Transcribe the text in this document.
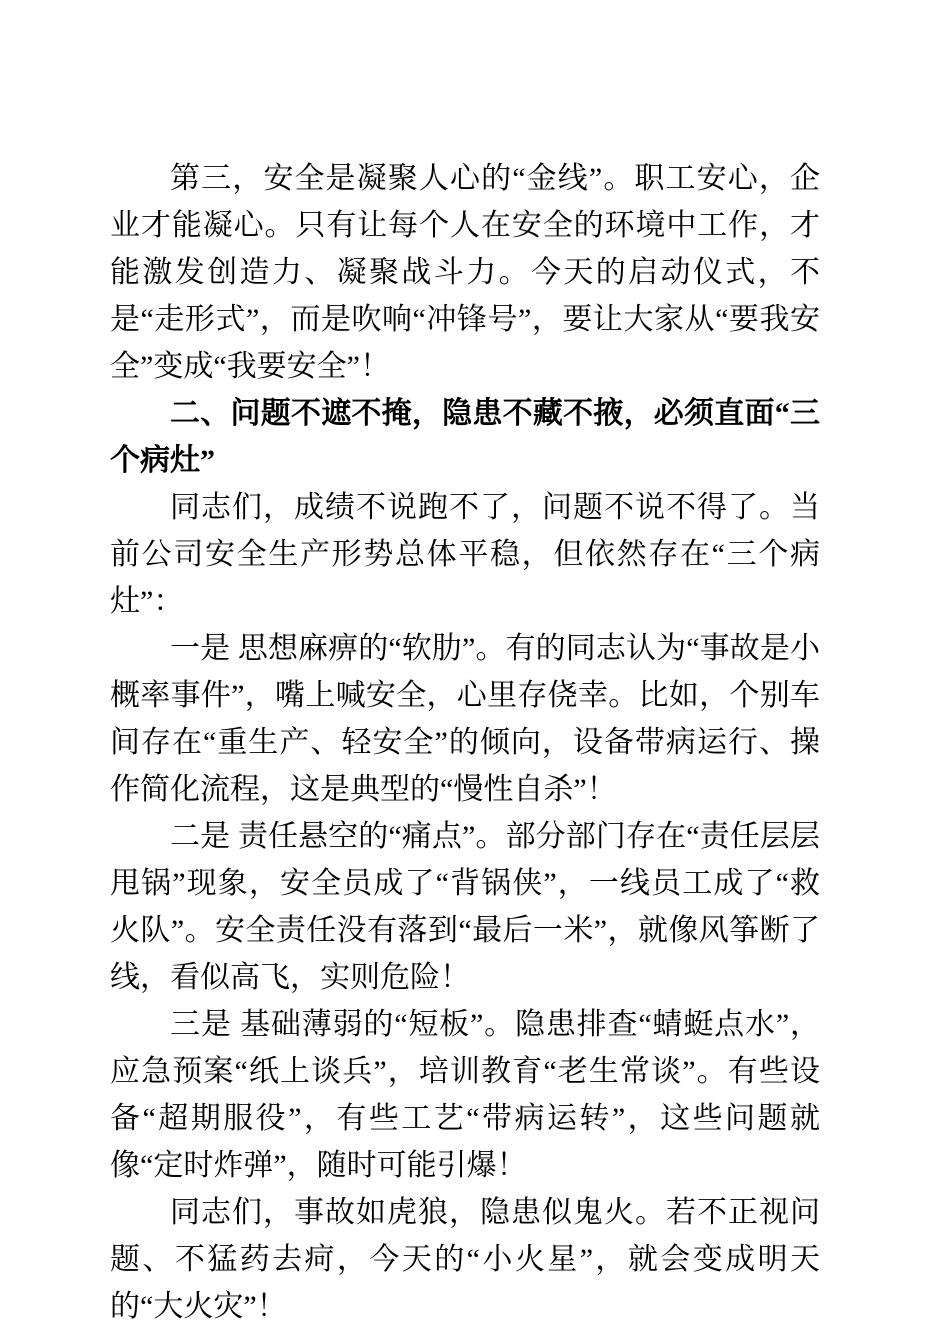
第三，安全是凝聚人心的“金线”。职工安心，企业才能凝心。只有让每个人在安全的环境中工作，才能激发创造力、凝聚战斗力。今天的启动仪式，不是“走形式”，而是吹响“冲锋号”，要让大家从“要我安全”变成“我要安全”！

二、问题不遮不掩，隐患不藏不掖，必须直面“三个病灶”

同志们，成绩不说跑不了，问题不说不得了。当前公司安全生产形势总体平稳，但依然存在“三个病灶”：

一是 思想麻痹的“软肋”。有的同志认为“事故是小概率事件”，嘴上喊安全，心里存侥幸。比如，个别车间存在“重生产、轻安全”的倾向，设备带病运行、操作简化流程，这是典型的“慢性自杀”！

二是 责任悬空的“痛点”。部分部门存在“责任层层甩锅”现象，安全员成了“背锅侠”，一线员工成了“救火队”。安全责任没有落到“最后一米”，就像风筝断了线，看似高飞，实则危险！

三是 基础薄弱的“短板”。隐患排查“蜻蜓点水”，应急预案“纸上谈兵”，培训教育“老生常谈”。有些设备“超期服役”，有些工艺“带病运转”，这些问题就像“定时炸弹”，随时可能引爆！

同志们，事故如虎狼，隐患似鬼火。若不正视问题、不猛药去疴，今天的“小火星”，就会变成明天的“大火灾”！
